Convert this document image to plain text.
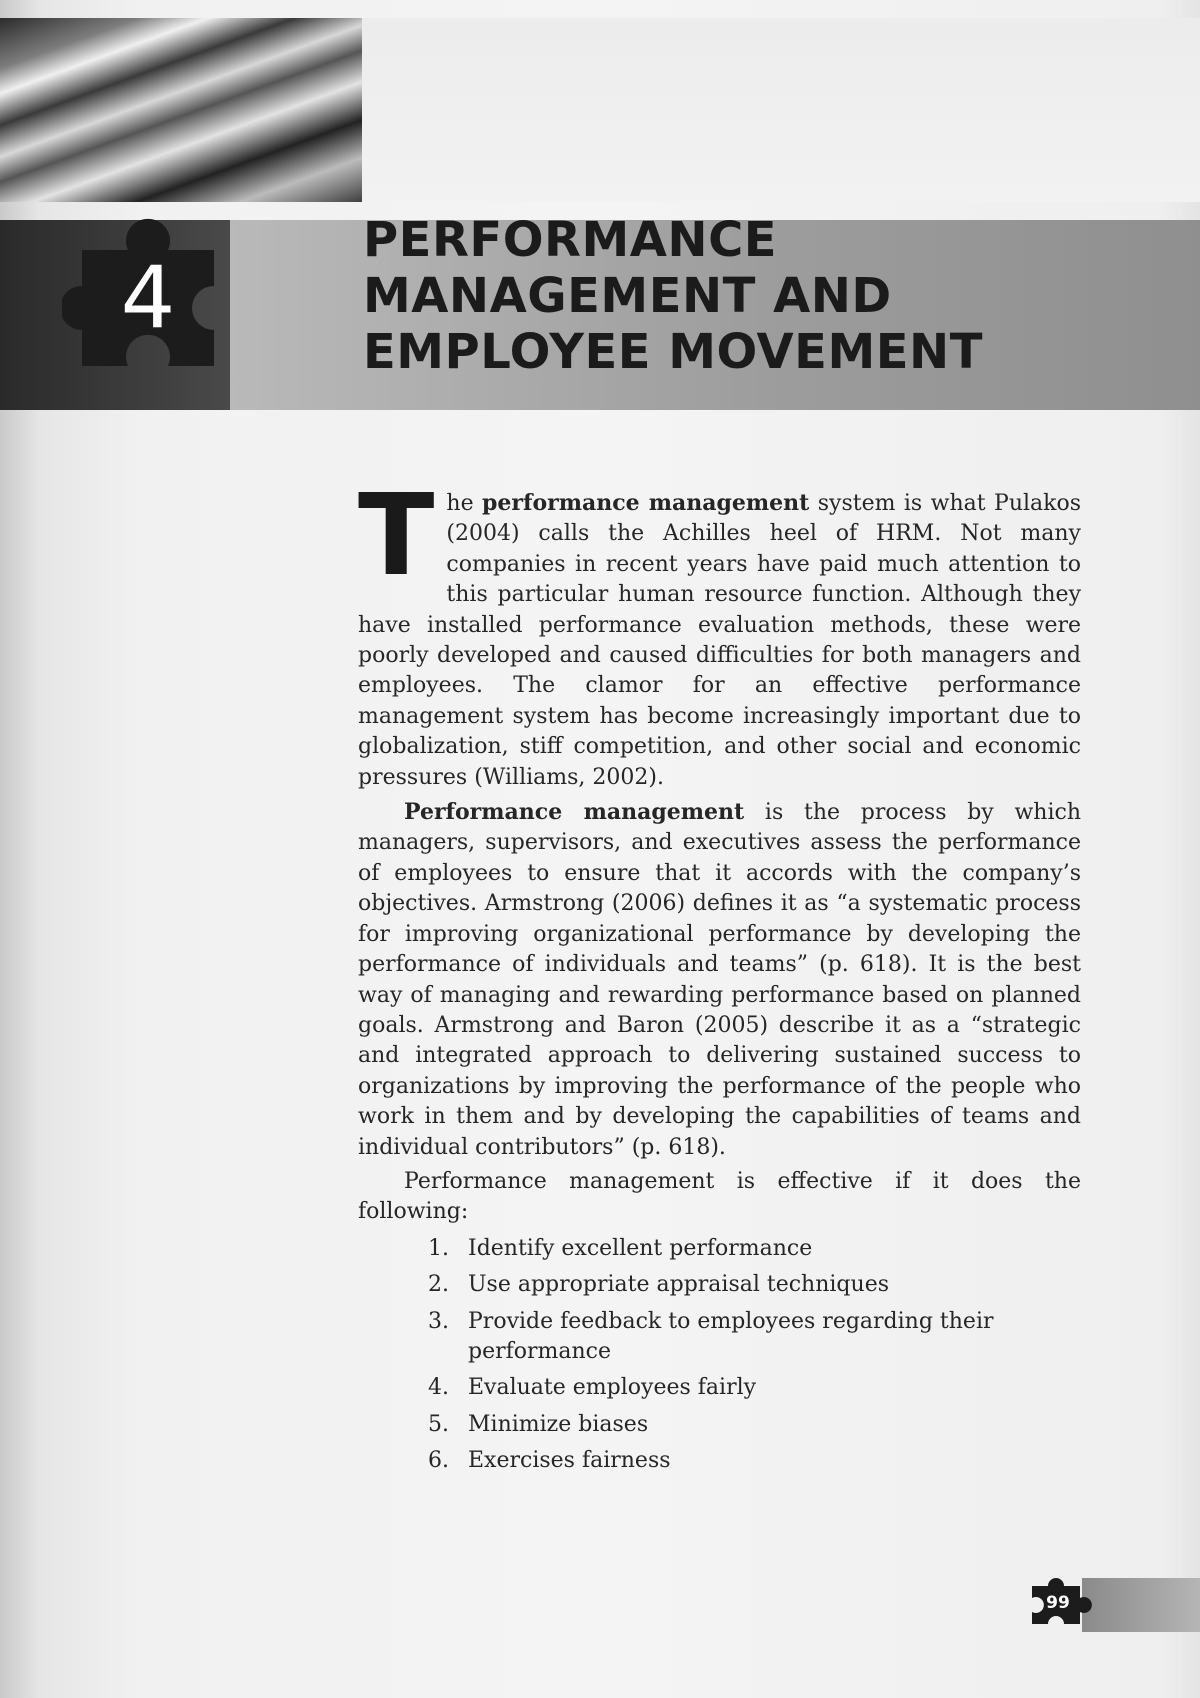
4
PERFORMANCE
MANAGEMENT AND
EMPLOYEE MOVEMENT

The performance management system is what Pulakos (2004) calls the Achilles heel of HRM. Not many companies in recent years have paid much attention to this particular human resource function. Although they have installed performance evaluation methods, these were poorly developed and caused difficulties for both managers and employees. The clamor for an effective performance management system has become increasingly important due to globalization, stiff competition, and other social and economic pressures (Williams, 2002).

Performance management is the process by which managers, supervisors, and executives assess the performance of employees to ensure that it accords with the company’s objectives. Armstrong (2006) defines it as “a systematic process for improving organizational performance by developing the performance of individuals and teams” (p. 618). It is the best way of managing and rewarding performance based on planned goals. Armstrong and Baron (2005) describe it as a “strategic and integrated approach to delivering sustained success to organizations by improving the performance of the people who work in them and by developing the capabilities of teams and individual contributors” (p. 618).

Performance management is effective if it does the following:

1. Identify excellent performance
2. Use appropriate appraisal techniques
3. Provide feedback to employees regarding their performance
4. Evaluate employees fairly
5. Minimize biases
6. Exercises fairness
99
